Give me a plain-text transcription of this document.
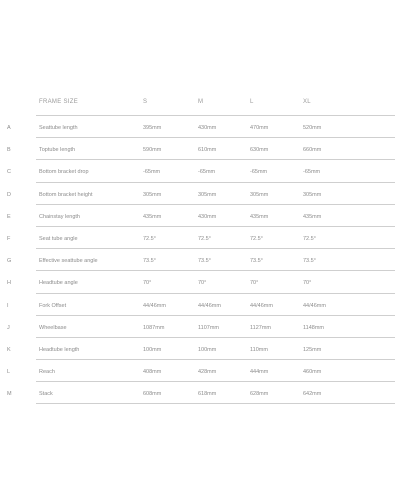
FRAME SIZE	S	M	L	XL
A	Seattube length	395mm	430mm	470mm	520mm
B	Toptube length	590mm	610mm	630mm	660mm
C	Bottom bracket drop	-65mm	-65mm	-65mm	-65mm
D	Bottom bracket height	305mm	305mm	305mm	305mm
E	Chainstay length	435mm	430mm	435mm	435mm
F	Seat tube angle	72.5°	72.5°	72.5°	72.5°
G	Effective seattube angle	73.5°	73.5°	73.5°	73.5°
H	Headtube angle	70°	70°	70°	70°
I	Fork Offset	44/46mm	44/46mm	44/46mm	44/46mm
J	Wheelbase	1087mm	1107mm	1127mm	1148mm
K	Headtube length	100mm	100mm	110mm	125mm
L	Reach	408mm	428mm	444mm	460mm
M	Stack	608mm	618mm	628mm	642mm
